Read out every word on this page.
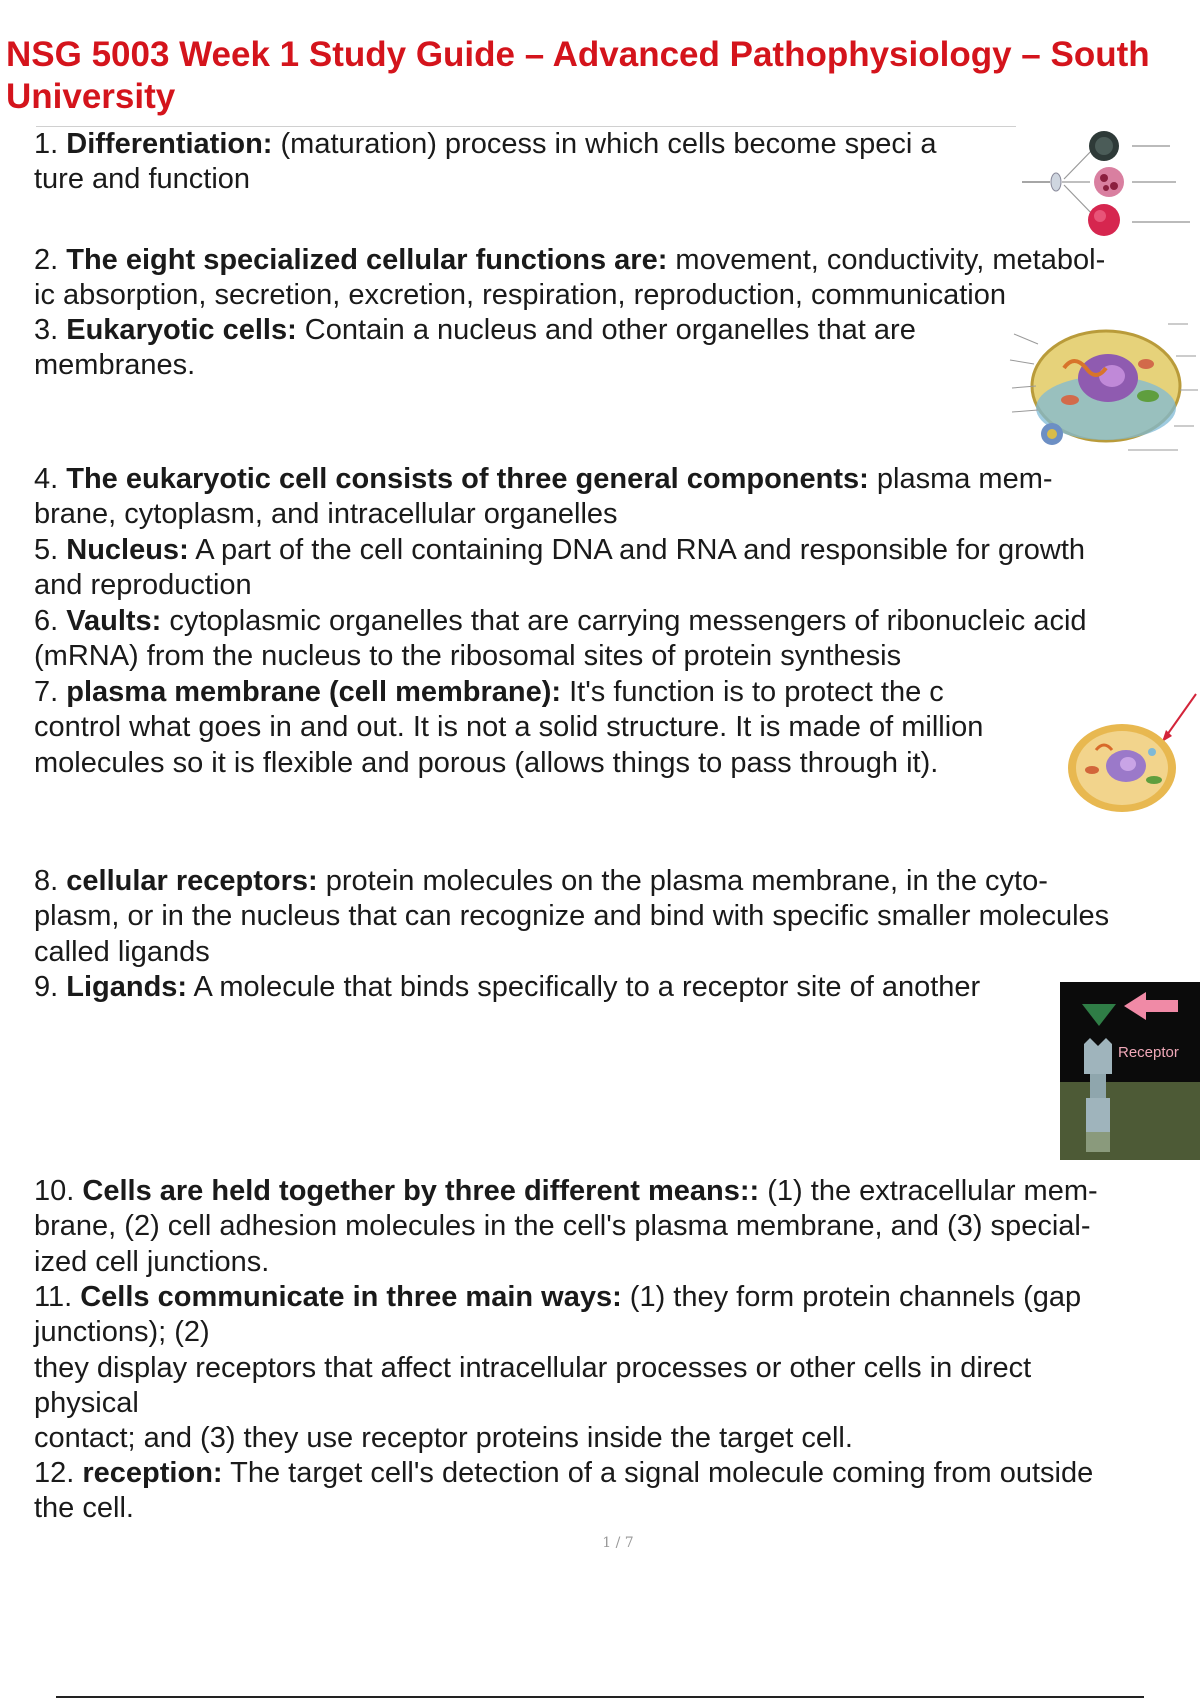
NSG 5003 Week 1 Study Guide – Advanced Pathophysiology – South University
1. Differentiation: (maturation) process in which cells become speci a
ture and function
2. The eight specialized cellular functions are: movement, conductivity, metabol-
ic absorption, secretion, excretion, respiration, reproduction, communication
3. Eukaryotic cells: Contain a nucleus and other organelles that are
membranes.
4. The eukaryotic cell consists of three general components: plasma mem-
brane, cytoplasm, and intracellular organelles
5. Nucleus: A part of the cell containing DNA and RNA and responsible for growth
and reproduction
6. Vaults: cytoplasmic organelles that are carrying messengers of ribonucleic acid
(mRNA) from the nucleus to the ribosomal sites of protein synthesis
7. plasma membrane (cell membrane): It's function is to protect the c
control what goes in and out. It is not a solid structure. It is made of million
molecules so it is flexible and porous (allows things to pass through it).
8. cellular receptors: protein molecules on the plasma membrane, in the cyto-
plasm, or in the nucleus that can recognize and bind with specific smaller molecules
called ligands
9. Ligands: A molecule that binds specifically to a receptor site of another
10. Cells are held together by three different means:: (1) the extracellular mem-
brane, (2) cell adhesion molecules in the cell's plasma membrane, and (3) special-
ized cell junctions.
11. Cells communicate in three main ways: (1) they form protein channels (gap
junctions); (2)
they display receptors that affect intracellular processes or other cells in direct
physical
contact; and (3) they use receptor proteins inside the target cell.
12. reception: The target cell's detection of a signal molecule coming from outside
the cell.
Receptor
1 / 7
